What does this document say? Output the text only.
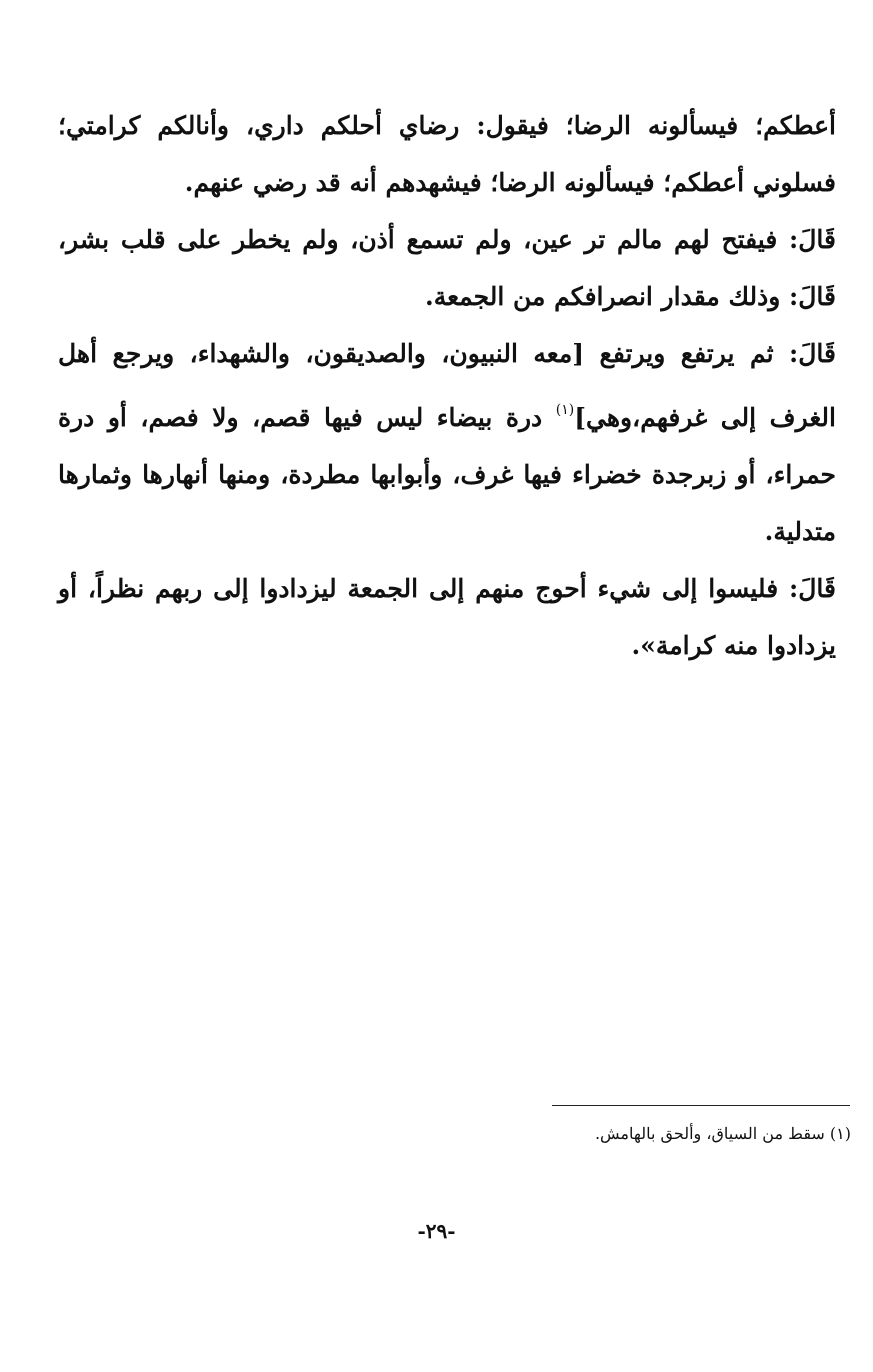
أعطكم؛ فيسألونه الرضا؛ فيقول: رضاي أحلكم داري، وأنالكم كرامتي؛ فسلوني أعطكم؛ فيسألونه الرضا؛ فيشهدهم أنه قد رضي عنهم.

قَالَ: فيفتح لهم مالم تر عين، ولم تسمع أذن، ولم يخطر على قلب بشر، قَالَ: وذلك مقدار انصرافكم من الجمعة.

قَالَ: ثم يرتفع ويرتفع [معه النبيون، والصديقون، والشهداء، ويرجع أهل الغرف إلى غرفهم،وهي]$^{(١)}$ درة بيضاء ليس فيها قصم، ولا فصم، أو درة حمراء، أو زبرجدة خضراء فيها غرف، وأبوابها مطردة، ومنها أنهارها وثمارها متدلية.

قَالَ: فليسوا إلى شيء أحوج منهم إلى الجمعة ليزدادوا إلى ربهم نظراً، أو يزدادوا منه كرامة».

(١) سقط من السياق، وألحق بالهامش.
-٢٩-
